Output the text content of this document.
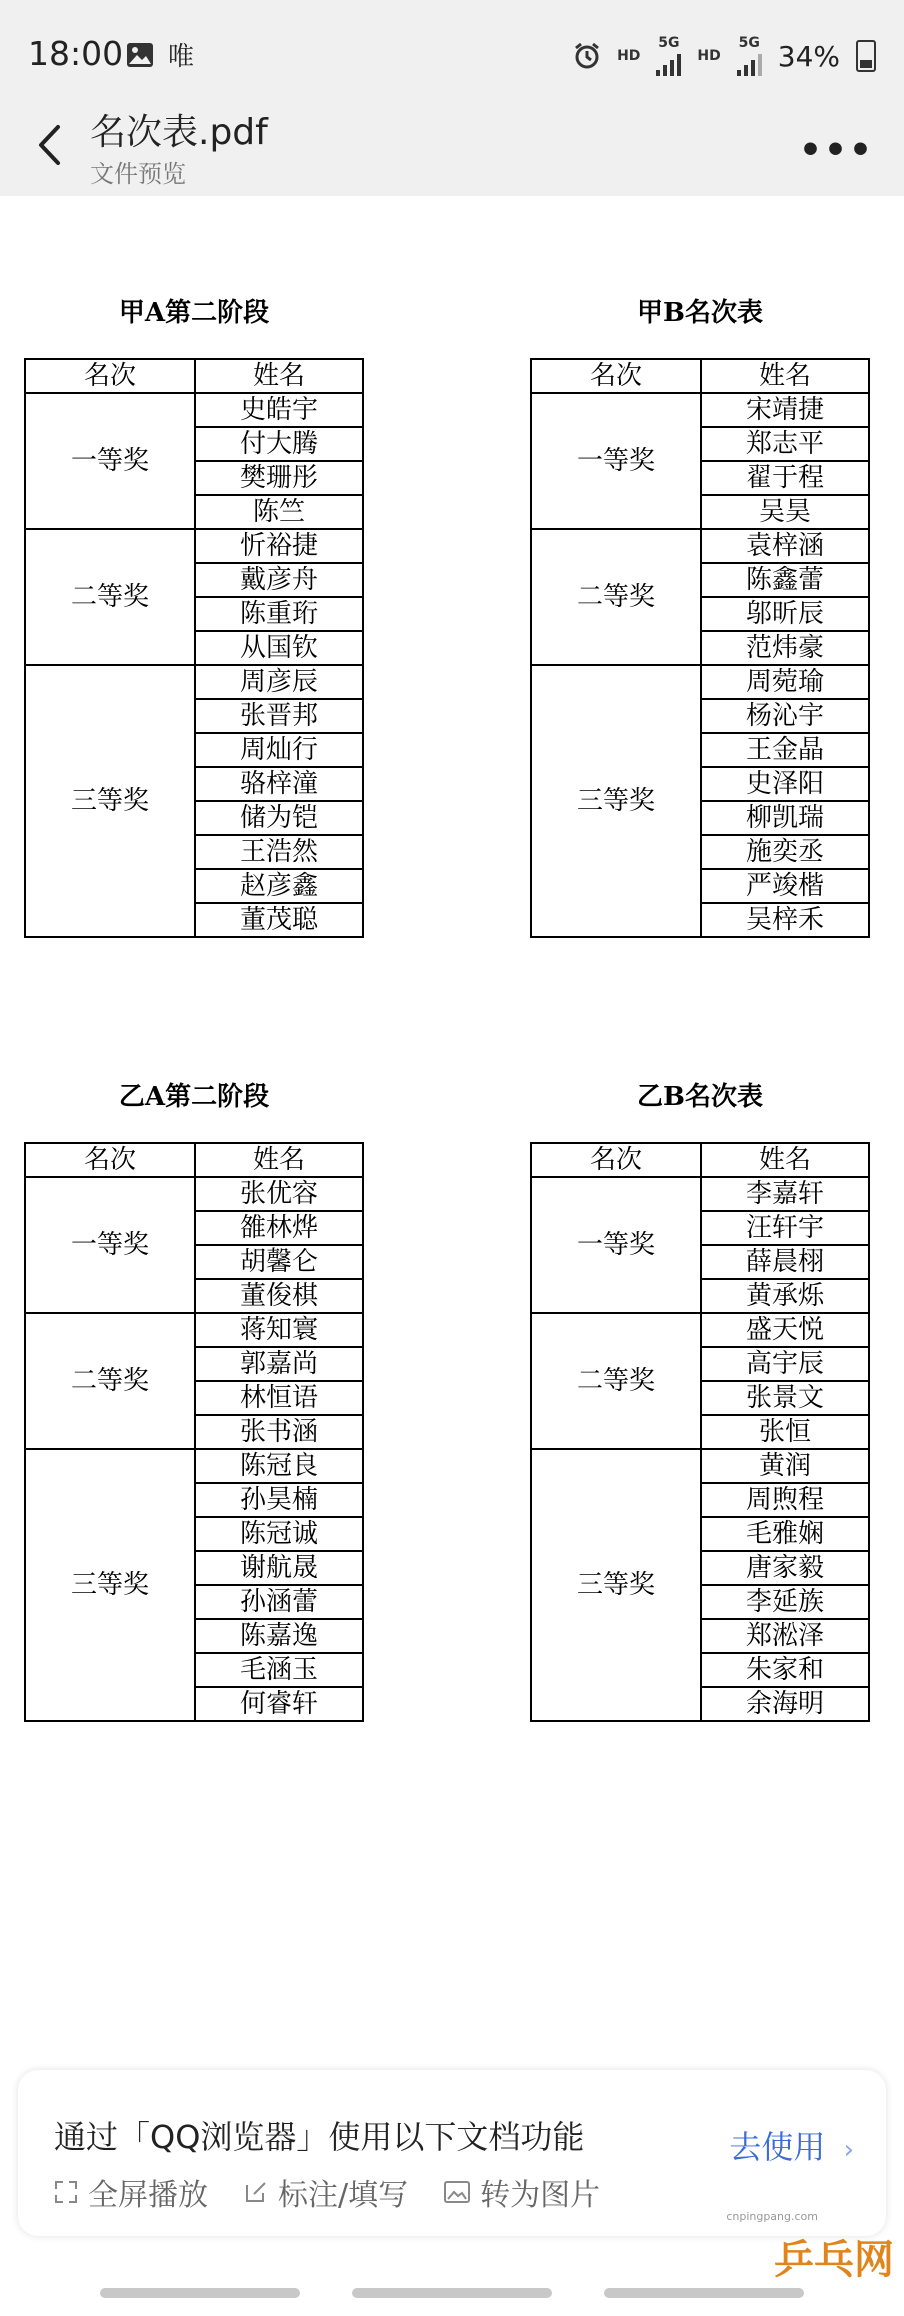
18:00 唯	HD
5G
HD
5G 34%
名次表.pdf
文件预览
•••
甲A第二阶段
名次	姓名
一等奖	史皓宇
	付大腾
	樊珊彤
	陈竺
二等奖	忻裕捷
	戴彦舟
	陈重珩
	从国钦
三等奖	周彦辰
	张晋邦
	周灿行
	骆梓潼
	储为铠
	王浩然
	赵彦鑫
	董茂聪
甲B名次表
名次	姓名
一等奖	宋靖捷
	郑志平
	翟于程
	吴昊
二等奖	袁梓涵
	陈鑫蕾
	邬昕辰
	范炜豪
三等奖	周菀瑜
	杨沁宇
	王金晶
	史泽阳
	柳凯瑞
	施奕丞
	严竣楷
	吴梓禾
乙A第二阶段
名次	姓名
一等奖	张优容
	雒林烨
	胡馨仑
	董俊棋
二等奖	蒋知寰
	郭嘉尚
	林恒语
	张书涵
三等奖	陈冠良
	孙昊楠
	陈冠诚
	谢航晟
	孙涵蕾
	陈嘉逸
	毛涵玉
	何睿轩
乙B名次表
名次	姓名
一等奖	李嘉轩
	汪轩宇
	薛晨栩
	黄承烁
二等奖	盛天悦
	高宇辰
	张景文
	张恒
三等奖	黄润
	周煦程
	毛雅娴
	唐家毅
	李延族
	郑淞泽
	朱家和
	余海明
通过「QQ浏览器」使用以下文档功能	去使用 ›
全屏播放 标注/填写 转为图片
cnpingpang.com
乒乓网
